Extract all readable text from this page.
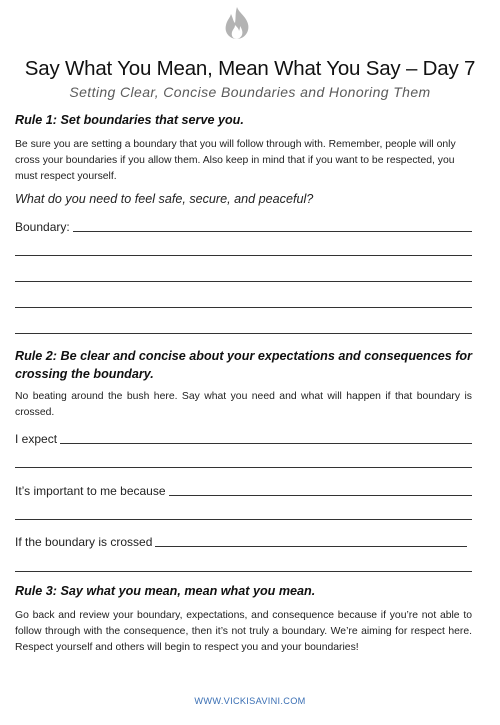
Say What You Mean, Mean What You Say – Day 7
Setting Clear, Concise Boundaries and Honoring Them
Rule 1: Set boundaries that serve you.
Be sure you are setting a boundary that you will follow through with. Remember, people will only cross your boundaries if you allow them. Also keep in mind that if you want to be respected, you must respect yourself.
What do you need to feel safe, secure, and peaceful?
Boundary:
Rule 2: Be clear and concise about your expectations and consequences for crossing the boundary.
No beating around the bush here. Say what you need and what will happen if that boundary is crossed.
I expect
It’s important to me because
If the boundary is crossed
Rule 3: Say what you mean, mean what you mean.
Go back and review your boundary, expectations, and consequence because if you’re not able to follow through with the consequence, then it’s not truly a boundary. We’re aiming for respect here. Respect yourself and others will begin to respect you and your boundaries!
WWW.VICKISAVINI.COM
